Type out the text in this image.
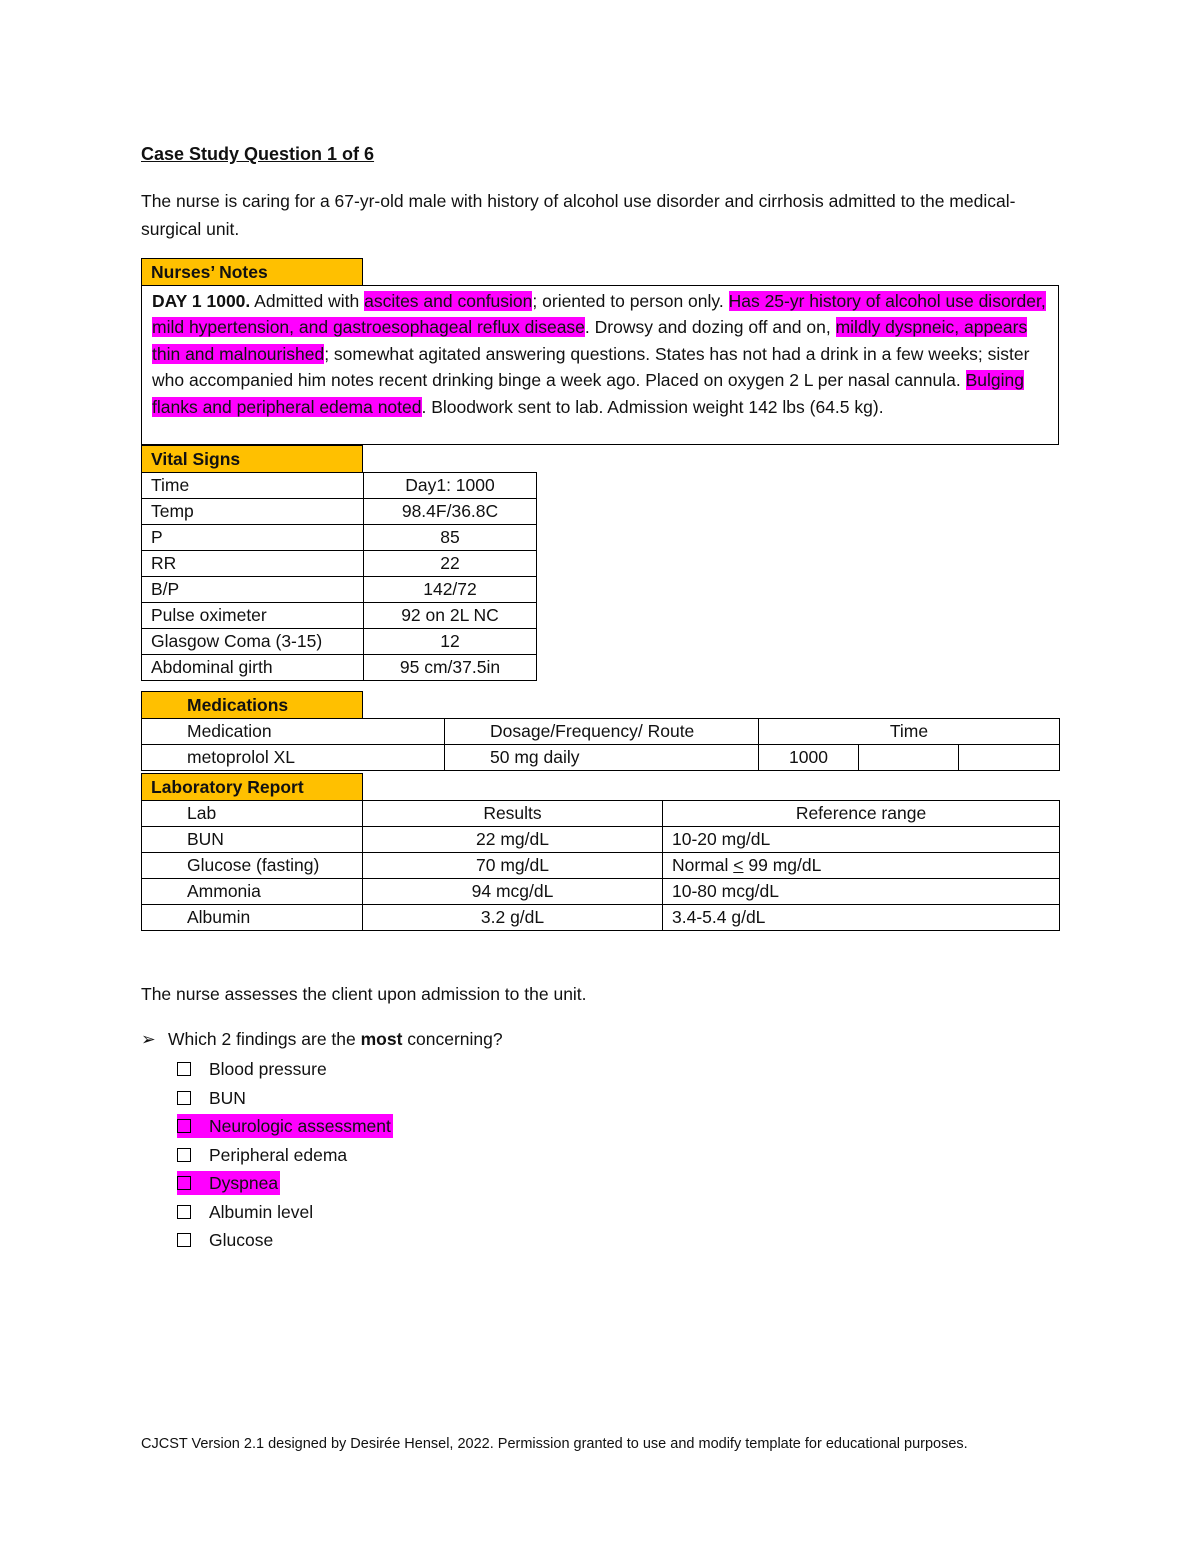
Case Study Question 1 of 6
The nurse is caring for a 67-yr-old male with history of alcohol use disorder and cirrhosis admitted to the medical-surgical unit.
Nurses’ Notes
DAY 1 1000. Admitted with ascites and confusion; oriented to person only. Has 25-yr history of alcohol use disorder, mild hypertension, and gastroesophageal reflux disease. Drowsy and dozing off and on, mildly dyspneic, appears thin and malnourished; somewhat agitated answering questions. States has not had a drink in a few weeks; sister who accompanied him notes recent drinking binge a week ago. Placed on oxygen 2 L per nasal cannula. Bulging flanks and peripheral edema noted. Bloodwork sent to lab. Admission weight 142 lbs (64.5 kg).
Vital Signs
Time	Day1: 1000
Temp	98.4F/36.8C
P	85
RR	22
B/P	142/72
Pulse oximeter	92 on 2L NC
Glasgow Coma (3-15)	12
Abdominal girth	95 cm/37.5in
Medications
Medication	Dosage/Frequency/ Route	Time		
metoprolol XL	50 mg daily	1000		
Laboratory Report
Lab	Results	Reference range
BUN	22 mg/dL	10-20 mg/dL
Glucose (fasting)	70 mg/dL	Normal < 99 mg/dL
Ammonia	94 mcg/dL	10-80 mcg/dL
Albumin	3.2 g/dL	3.4-5.4 g/dL
The nurse assesses the client upon admission to the unit.
➢ Which 2 findings are the most concerning?
Blood pressure
BUN
Neurologic assessment
Peripheral edema
Dyspnea
Albumin level
Glucose
CJCST Version 2.1 designed by Desirée Hensel, 2022. Permission granted to use and modify template for educational purposes.
